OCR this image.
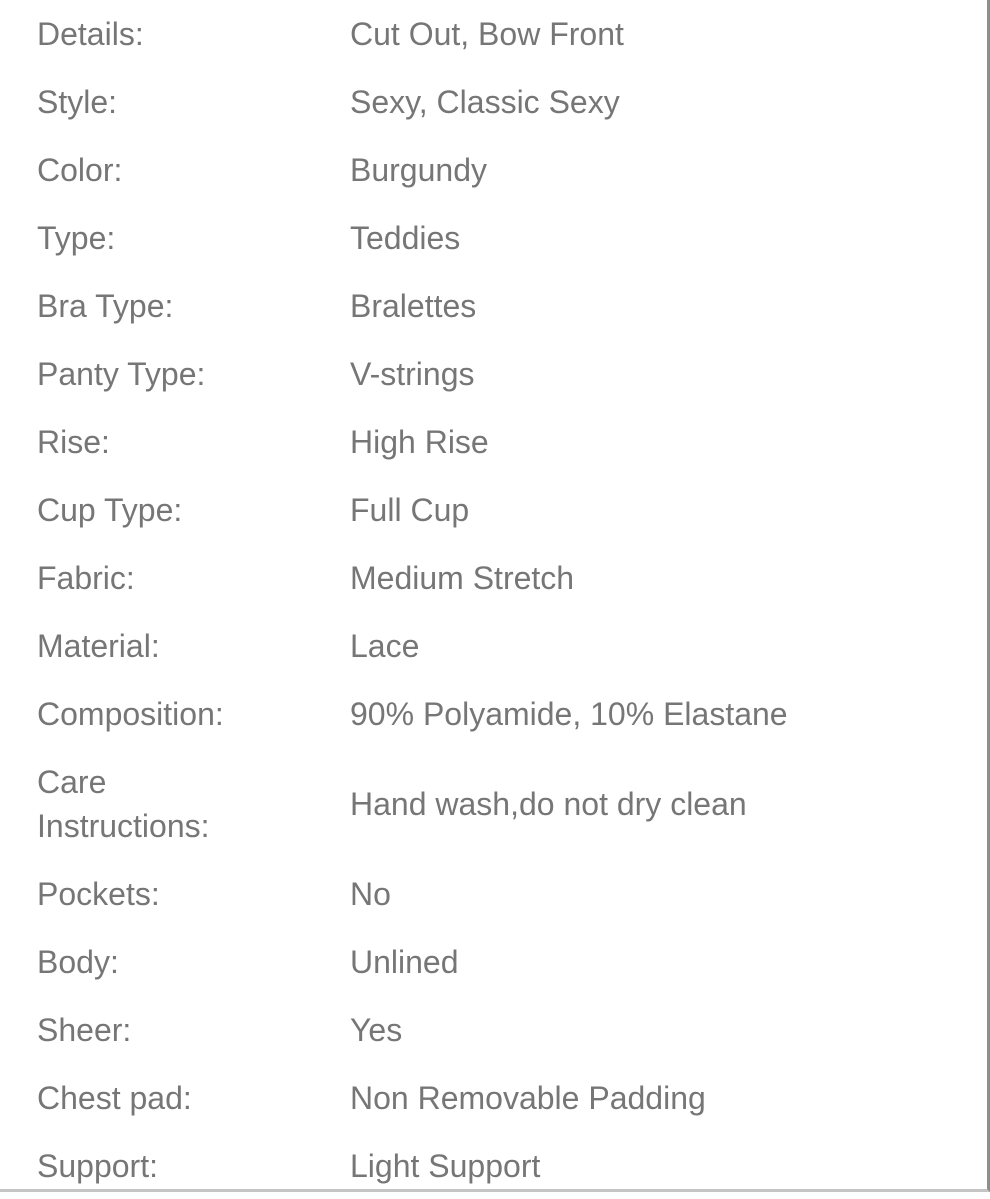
Details:	Cut Out, Bow Front
Style:	Sexy, Classic Sexy
Color:	Burgundy
Type:	Teddies
Bra Type:	Bralettes
Panty Type:	V-strings
Rise:	High Rise
Cup Type:	Full Cup
Fabric:	Medium Stretch
Material:	Lace
Composition:	90% Polyamide, 10% Elastane
Care Instructions:
Hand wash,do not dry clean
Pockets:	No
Body:	Unlined
Sheer:	Yes
Chest pad:	Non Removable Padding
Support:	Light Support
